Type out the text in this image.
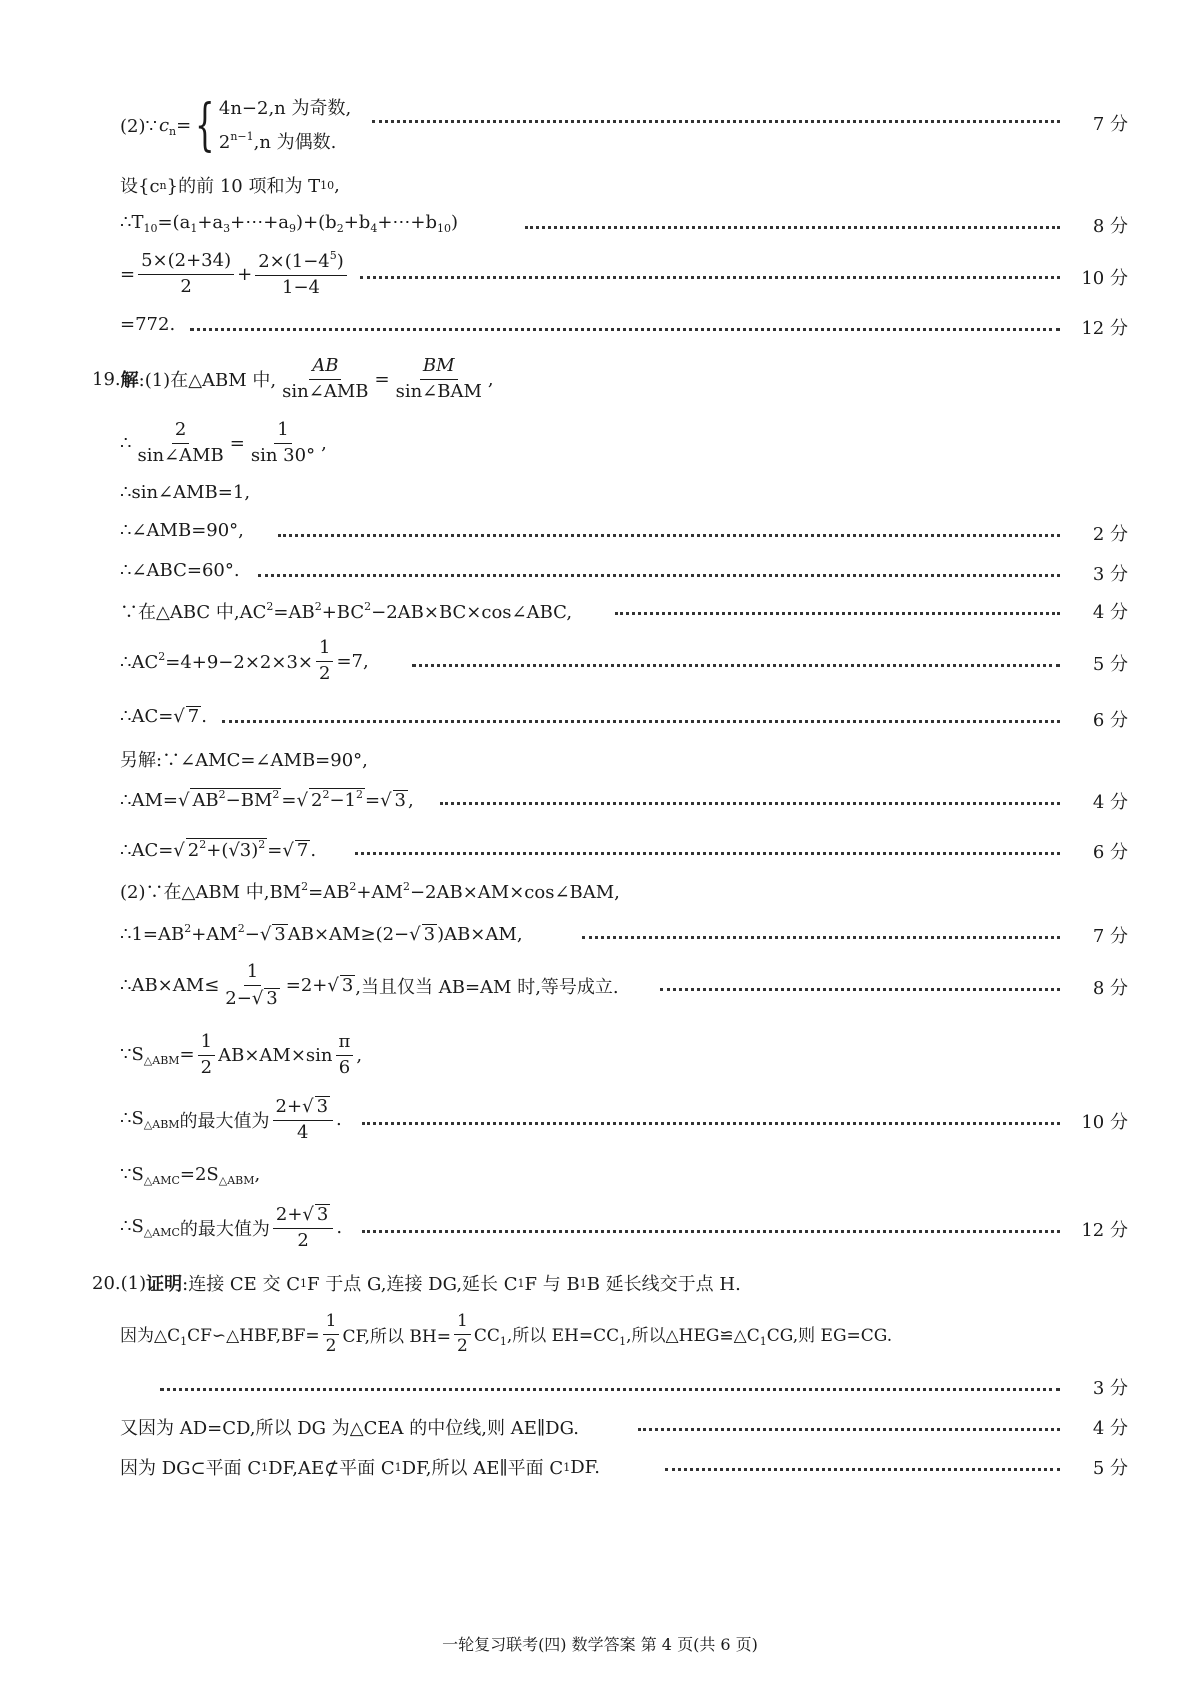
(2)∵ $c_n=$ { 4n−2,n 为奇数,
$2^{n-1},n$ 为偶数.
7 分
设{c n }的前 10 项和为 T 10 ,
$\therefore T_{10}=(a_1+a_3+\cdots+a_9)+(b_2+b_4+\cdots+b_{10})$	8 分
= $\frac{5\times(2+34)}{2} + \frac{2\times(1-4^5)}{1-4}$	10 分
=772.	12 分
19. 解 :(1)在△ABM 中, $\frac{AB}{\text{sin∠AMB}} = \frac{BM}{\text{sin∠BAM}}$ ,
∴ $\frac{2}{\text{sin∠AMB}} = \frac{1}{\sin 30^\circ}$ ,
∴sin∠AMB=1,
∴∠AMB=90°,	2 分
∴∠ABC=60°.	3 分
∵在△ABC 中$,AC^2=AB^2+BC^2-2AB\times BC\times\cos\angle ABC$,	4 分
$\therefore AC^2=4+9-2\times 2\times 3\times \frac{1}{2} =7$,	5 分
∴AC=√ 7 .	6 分
另解:∵∠AMC=∠AMB=90°,
∴AM=√ $AB^2-BM^2$ =√ $2^2-1^2$ =√ 3 ,	4 分
∴AC=√ $2^2+(√3)^2$ =√ 7 .	6 分
(2)∵在△ABM 中$,BM^2=AB^2+AM^2-2AB\times AM\times\cos\angle BAM$,
$\therefore 1=AB^2+AM^2-√$ 3 AB×AM≥(2−√ 3 )AB×AM,	7 分
∴AB×AM≤ $\frac{1}{2-√ 3} =2+√$ 3 ,当且仅当 AB=AM 时,等号成立.	8 分
$\because S_{\triangle ABM}= \frac{1}{2} AB\times AM\times\sin \frac{\pi}{6}$ ,
$\therefore S_{\triangle ABM}$ 的最大值为 $\frac{2+√ 3}{4}$ .	10 分
$\because S_{\triangle AMC}=2S_{\triangle ABM}$,
$\therefore S_{\triangle AMC}$ 的最大值为 $\frac{2+√ 3}{2}$ .	12 分
20.(1) 证明 :连接 CE 交 C 1 F 于点 G,连接 DG,延长 C 1 F 与 B 1 B 延长线交于点 H.
因为$\triangle C_1CF∽\triangle HBF,BF= \frac{1}{2}$ CF,所以 $BH= \frac{1}{2} CC_1$,所以 $EH=CC_1$,所以$\triangle HEG≌\triangle C_1CG$,则 EG=CG.
3 分
又因为 AD=CD,所以 DG 为△CEA 的中位线,则 AE∥DG.	4 分
因为 DG⊂平面 C 1 DF,AE⊄平面 C 1 DF,所以 AE∥平面 C 1 DF.	5 分
一轮复习联考(四) 数学答案 第 4 页(共 6 页)
